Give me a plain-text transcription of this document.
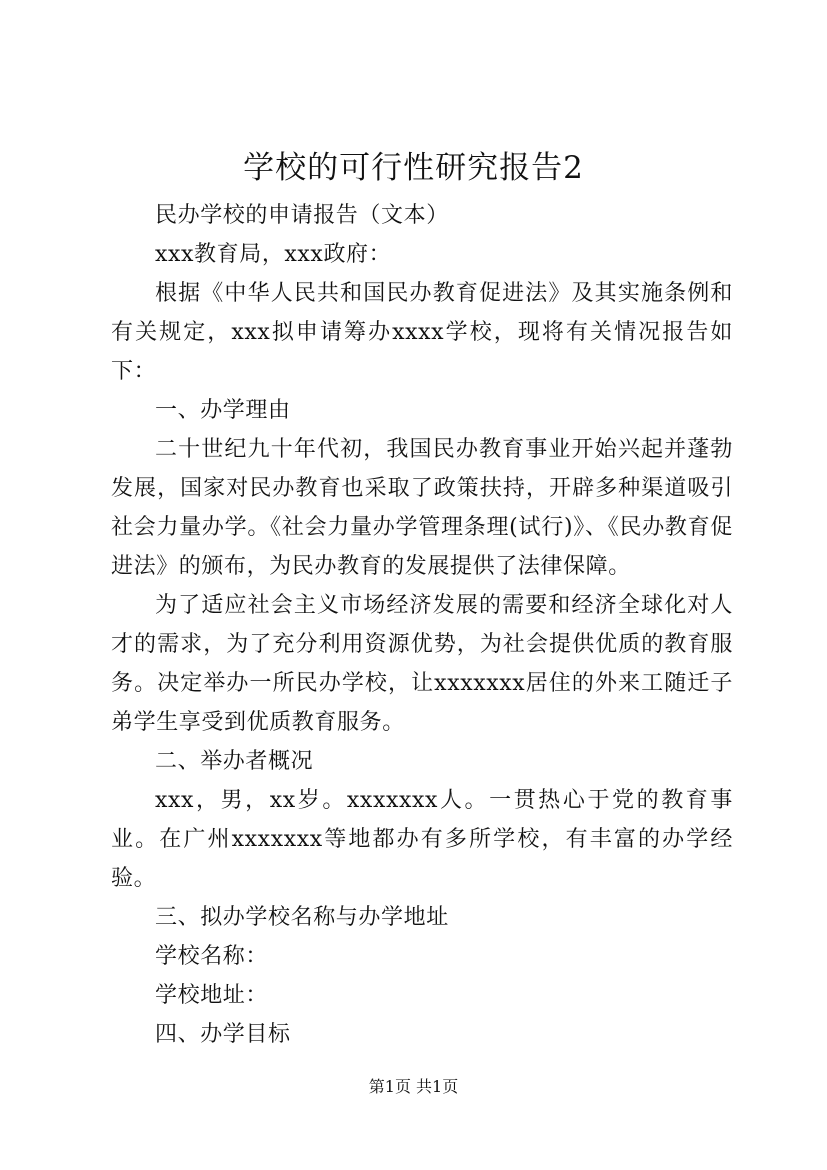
学校的可行性研究报告2

民办学校的申请报告（文本）

xxx教育局，xxx政府：

根据《中华人民共和国民办教育促进法》及其实施条例和有关规定，xxx拟申请筹办xxxx学校，现将有关情况报告如下：

一、办学理由

二十世纪九十年代初，我国民办教育事业开始兴起并蓬勃发展，国家对民办教育也采取了政策扶持，开辟多种渠道吸引社会力量办学。《社会力量办学管理条理(试行)》、《民办教育促进法》的颁布，为民办教育的发展提供了法律保障。

为了适应社会主义市场经济发展的需要和经济全球化对人才的需求，为了充分利用资源优势，为社会提供优质的教育服务。决定举办一所民办学校，让xxxxxxx居住的外来工随迁子弟学生享受到优质教育服务。

二、举办者概况

xxx，男，xx岁。xxxxxxx人。一贯热心于党的教育事业。在广州xxxxxxx等地都办有多所学校，有丰富的办学经验。

三、拟办学校名称与办学地址

学校名称：

学校地址：

四、办学目标

第1页 共1页
